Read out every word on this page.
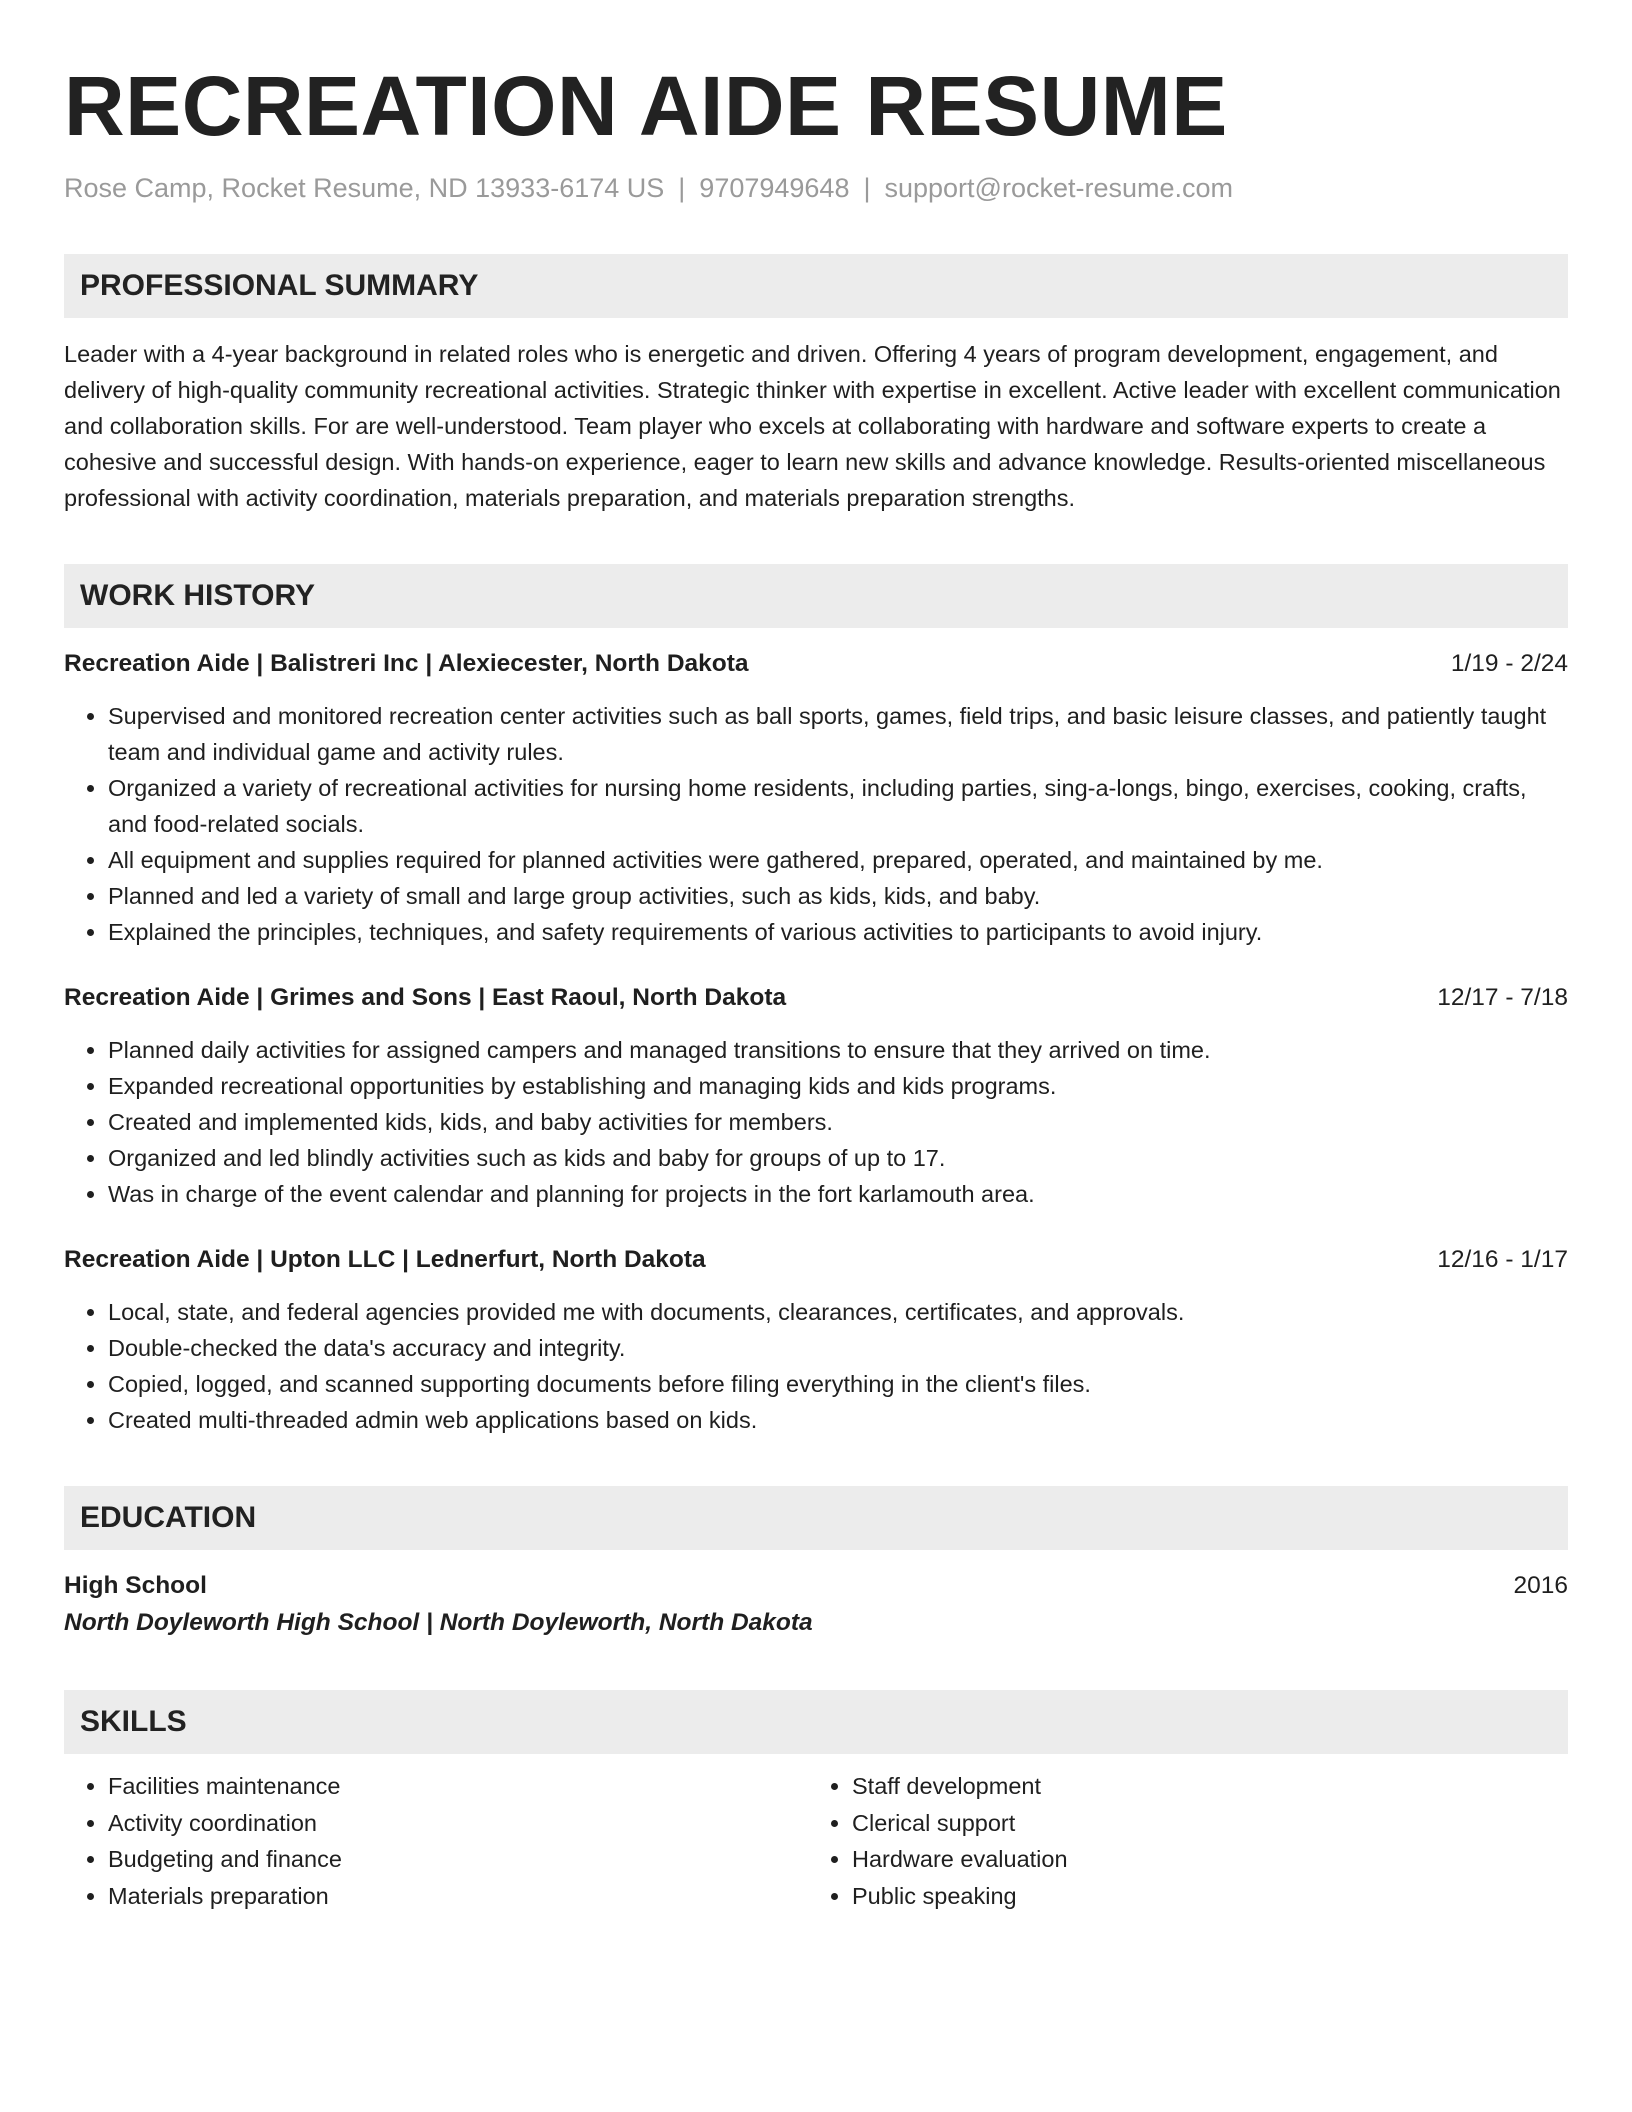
RECREATION AIDE RESUME
Rose Camp, Rocket Resume, ND 13933-6174 US | 9707949648 | support@rocket-resume.com
PROFESSIONAL SUMMARY

Leader with a 4-year background in related roles who is energetic and driven. Offering 4 years of program development, engagement, and delivery of high-quality community recreational activities. Strategic thinker with expertise in excellent. Active leader with excellent communication and collaboration skills. For are well-understood. Team player who excels at collaborating with hardware and software experts to create a cohesive and successful design. With hands-on experience, eager to learn new skills and advance knowledge. Results-oriented miscellaneous professional with activity coordination, materials preparation, and materials preparation strengths.

WORK HISTORY
Recreation Aide | Balistreri Inc | Alexiecester, North Dakota	1/19 - 2/24
• Supervised and monitored recreation center activities such as ball sports, games, field trips, and basic leisure classes, and patiently taught team and individual game and activity rules.
• Organized a variety of recreational activities for nursing home residents, including parties, sing-a-longs, bingo, exercises, cooking, crafts, and food-related socials.
• All equipment and supplies required for planned activities were gathered, prepared, operated, and maintained by me.
• Planned and led a variety of small and large group activities, such as kids, kids, and baby.
• Explained the principles, techniques, and safety requirements of various activities to participants to avoid injury.
Recreation Aide | Grimes and Sons | East Raoul, North Dakota	12/17 - 7/18
• Planned daily activities for assigned campers and managed transitions to ensure that they arrived on time.
• Expanded recreational opportunities by establishing and managing kids and kids programs.
• Created and implemented kids, kids, and baby activities for members.
• Organized and led blindly activities such as kids and baby for groups of up to 17.
• Was in charge of the event calendar and planning for projects in the fort karlamouth area.
Recreation Aide | Upton LLC | Lednerfurt, North Dakota	12/16 - 1/17
• Local, state, and federal agencies provided me with documents, clearances, certificates, and approvals.
• Double-checked the data's accuracy and integrity.
• Copied, logged, and scanned supporting documents before filing everything in the client's files.
• Created multi-threaded admin web applications based on kids.
EDUCATION
High School	2016
North Doyleworth High School | North Doyleworth, North Dakota
SKILLS
• Facilities maintenance
• Activity coordination
• Budgeting and finance
• Materials preparation
• Staff development
• Clerical support
• Hardware evaluation
• Public speaking
